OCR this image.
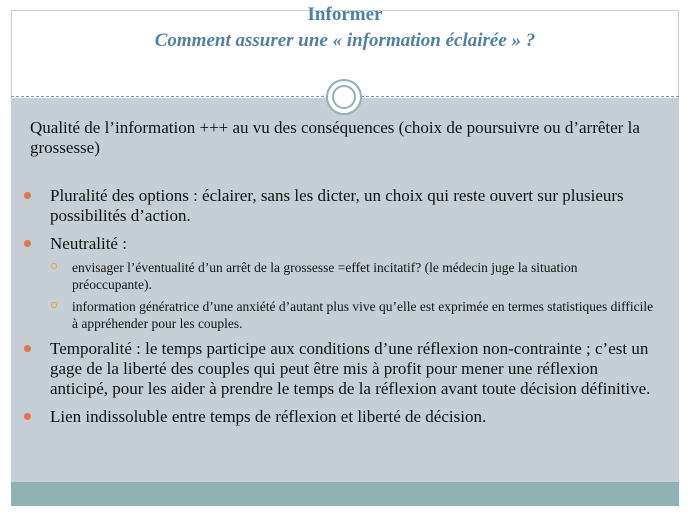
Informer
Comment assurer une « information éclairée » ?

Qualité de l’information +++ au vu des conséquences (choix de poursuivre ou d’arrêter la grossesse)

Pluralité des options : éclairer, sans les dicter, un choix qui reste ouvert sur plusieurs possibilités d’action.
Neutralité :
envisager l’éventualité d’un arrêt de la grossesse =effet incitatif? (le médecin juge la situation préoccupante).
information génératrice d’une anxiété d’autant plus vive qu’elle est exprimée en termes statistiques difficile à appréhender pour les couples.
Temporalité : le temps participe aux conditions d’une réflexion non-contrainte ; c’est un gage de la liberté des couples qui peut être mis à profit pour mener une réflexion anticipé, pour les aider à prendre le temps de la réflexion avant toute décision définitive.
Lien indissoluble entre temps de réflexion et liberté de décision.
